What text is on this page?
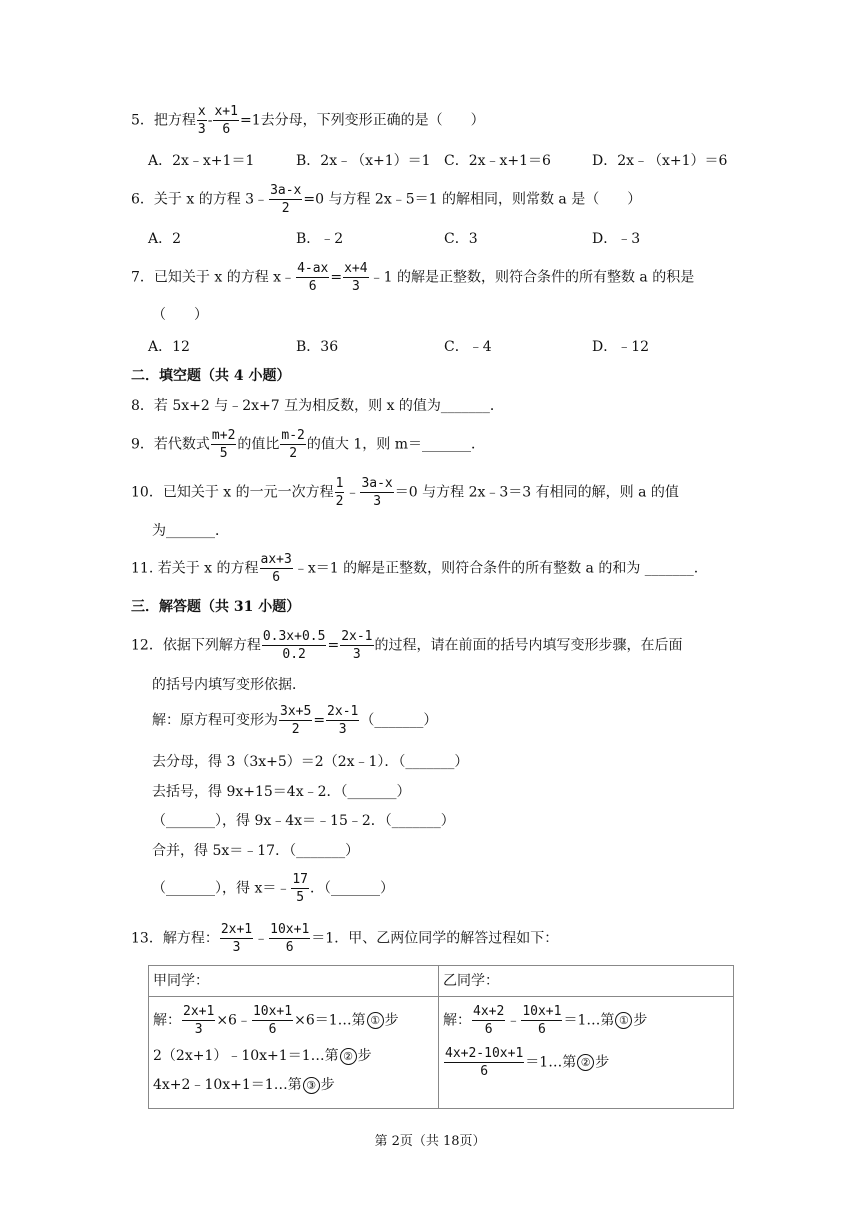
5．把方程 $\frac{x}{3} - \frac{x+1}{6} =1$去分母，下列变形正确的是（　　）
A．2x﹣x+1＝1	B．2x﹣（x+1）＝1 C．2x﹣x+1＝6	D．2x﹣（x+1）＝6
6．关于 x 的方程 3﹣ $\frac{3a-x}{2} =0$ 与方程 2x﹣5＝1 的解相同，则常数 a 是（　　）
A．2	B．﹣2	C．3	D．﹣3
7．已知关于 x 的方程 x﹣ $\frac{4-ax}{6} = \frac{x+4}{3}$ ﹣1 的解是正整数，则符合条件的所有整数 a 的积是
（　　）
A．12	B．36	C．﹣4	D．﹣12
二．填空题（共 4 小题）
8．若 5x+2 与﹣2x+7 互为相反数，则 x 的值为_______．
9．若代数式 $\frac{m+2}{5}$ 的值比 $\frac{m-2}{2}$ 的值大 1，则 m＝_______．
10．已知关于 x 的一元一次方程 $\frac{1}{2}$ ﹣ $\frac{3a-x}{3} =0$ 与方程 2x﹣3＝3 有相同的解，则 a 的值
为_______．
11. 若关于 x 的方程 $\frac{ax+3}{6}$ ﹣x＝1 的解是正整数，则符合条件的所有整数 a 的和为 _______.
三．解答题（共 31 小题）
12．依据下列解方程 $\frac{0.3x+0.5}{0.2} = \frac{2x-1}{3}$ 的过程，请在前面的括号内填写变形步骤，在后面
的括号内填写变形依据．
解：原方程可变形为 $\frac{3x+5}{2} = \frac{2x-1}{3}$ （_______）
去分母，得 3（3x+5）＝2（2x﹣1）．（_______）
去括号，得 9x+15＝4x﹣2．（_______）
（_______），得 9x﹣4x＝﹣15﹣2．（_______）
合并，得 5x＝﹣17．（_______）
（_______），得 x＝﹣ $\frac{17}{5}$ ．（_______）
13．解方程： $\frac{2x+1}{3}$ ﹣ $\frac{10x+1}{6} =1$．甲、乙两位同学的解答过程如下：
甲同学：
解： $\frac{2x+1}{3}$ ×6﹣ $\frac{10x+1}{6}$ ×6＝1…第 ① 步
2（2x+1）﹣10x+1＝1…第 ② 步
4x+2﹣10x+1＝1…第 ③ 步
乙同学：
解： $\frac{4x+2}{6}$ ﹣ $\frac{10x+1}{6}$ ＝1…第 ① 步
$\frac{4x+2-10x+1}{6}$ ＝1…第 ② 步
第 2页（共 18页）
